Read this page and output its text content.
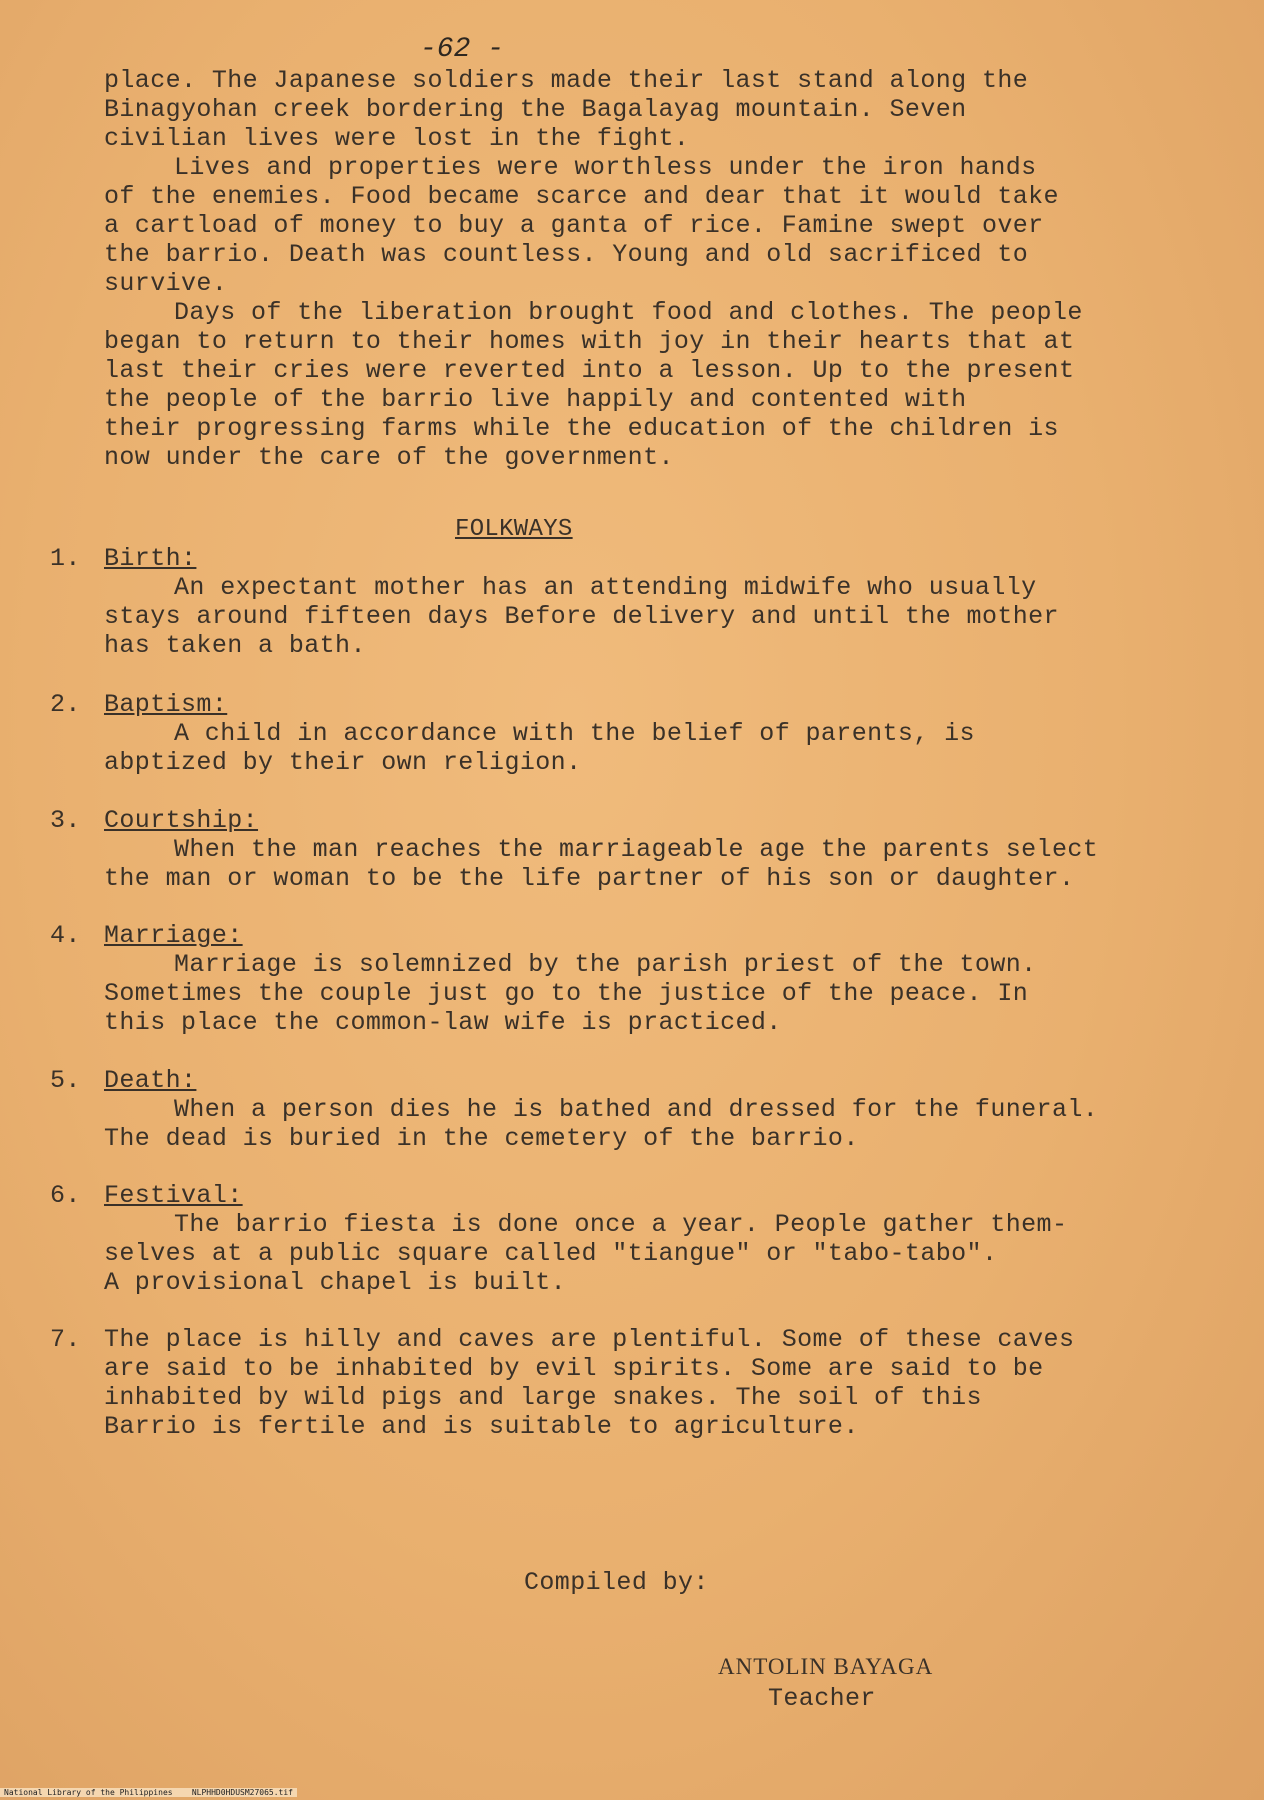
-62 -
place. The Japanese soldiers made their last stand along the
Binagyohan creek bordering the Bagalayag mountain. Seven
civilian lives were lost in the fight.
Lives and properties were worthless under the iron hands
of the enemies. Food became scarce and dear that it would take
a cartload of money to buy a ganta of rice. Famine swept over
the barrio. Death was countless. Young and old sacrificed to
survive.
Days of the liberation brought food and clothes. The people
began to return to their homes with joy in their hearts that at
last their cries were reverted into a lesson. Up to the present
the people of the barrio live happily and contented with
their progressing farms while the education of the children is
now under the care of the government.
FOLKWAYS
1. Birth:
An expectant mother has an attending midwife who usually
stays around fifteen days Before delivery and until the mother
has taken a bath.
2. Baptism:
A child in accordance with the belief of parents, is
abptized by their own religion.
3. Courtship:
When the man reaches the marriageable age the parents select
the man or woman to be the life partner of his son or daughter.
4. Marriage:
Marriage is solemnized by the parish priest of the town.
Sometimes the couple just go to the justice of the peace. In
this place the common-law wife is practiced.
5. Death:
When a person dies he is bathed and dressed for the funeral.
The dead is buried in the cemetery of the barrio.
6. Festival:
The barrio fiesta is done once a year. People gather them-
selves at a public square called "tiangue" or "tabo-tabo".
A provisional chapel is built.
7. The place is hilly and caves are plentiful. Some of these caves
are said to be inhabited by evil spirits. Some are said to be
inhabited by wild pigs and large snakes. The soil of this
Barrio is fertile and is suitable to agriculture.
Compiled by:
ANTOLIN BAYAGA
Teacher
National Library of the Philippines    NLPHHD0HDUSM27065.tif
